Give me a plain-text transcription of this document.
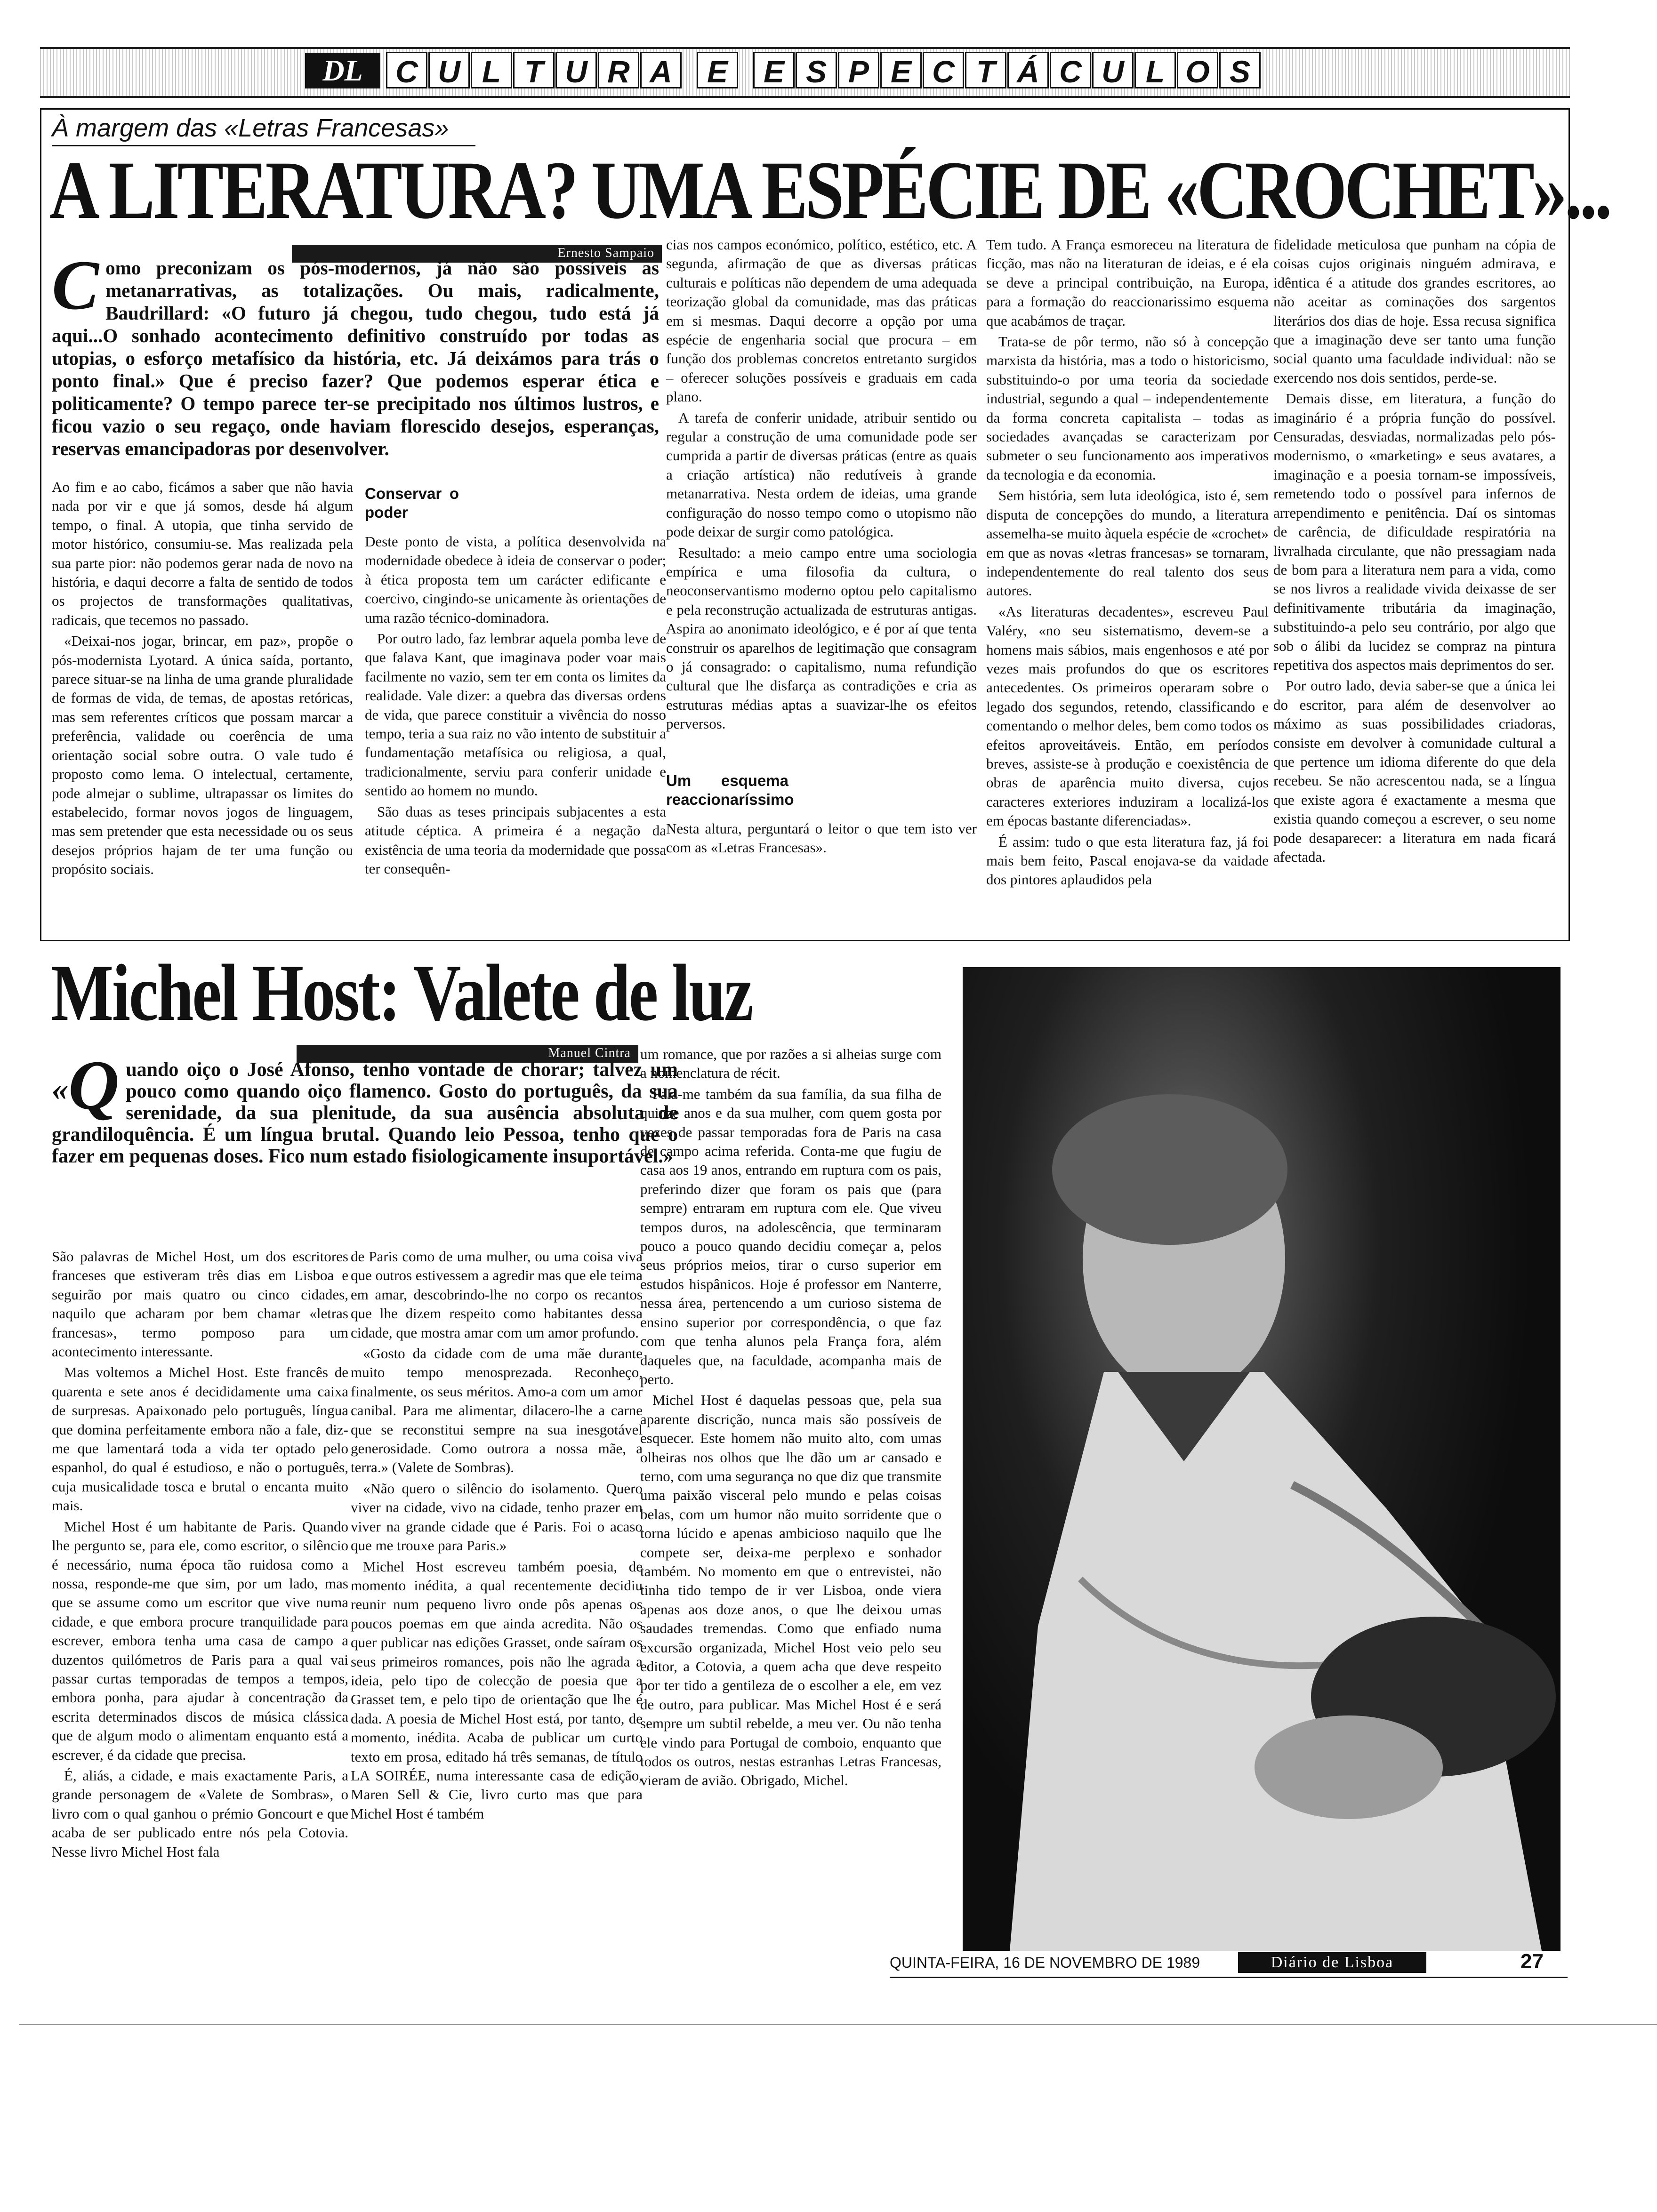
DL	C U L T U R A	E	E S P E C T Á C U L O S
À margem das «Letras Francesas»
A LITERATURA? UMA ESPÉCIE DE «CROCHET»...
Ernesto Sampaio
C omo preconizam os pós-modernos, já não são possíveis as metanarrativas, as totalizações. Ou mais, radicalmente, Baudrillard: «O futuro já chegou, tudo chegou, tudo está já aqui...O sonhado acontecimento definitivo construído por todas as utopias, o esforço metafísico da história, etc. Já deixámos para trás o ponto final.» Que é preciso fazer? Que podemos esperar ética e politicamente? O tempo parece ter-se precipitado nos últimos lustros, e ficou vazio o seu regaço, onde haviam florescido desejos, esperanças, reservas emancipadoras por desenvolver.

Ao fim e ao cabo, ficámos a saber que não havia nada por vir e que já somos, desde há algum tempo, o final. A utopia, que tinha servido de motor histórico, consumiu-se. Mas realizada pela sua parte pior: não podemos gerar nada de novo na história, e daqui decorre a falta de sentido de todos os projectos de transformações qualitativas, radicais, que tecemos no passado.

«Deixai-nos jogar, brincar, em paz», propõe o pós-modernista Lyotard. A única saída, portanto, parece situar-se na linha de uma grande pluralidade de formas de vida, de temas, de apostas retóricas, mas sem referentes críticos que possam marcar a preferência, validade ou coerência de uma orientação social sobre outra. O vale tudo é proposto como lema. O intelectual, certamente, pode almejar o sublime, ultrapassar os limites do estabelecido, formar novos jogos de linguagem, mas sem pretender que esta necessidade ou os seus desejos próprios hajam de ter uma função ou propósito sociais.

Conservar o poder

Deste ponto de vista, a política desenvolvida na modernidade obedece à ideia de conservar o poder; à ética proposta tem um carácter edificante e coercivo, cingindo-se unicamente às orientações de uma razão técnico-dominadora.

Por outro lado, faz lembrar aquela pomba leve de que falava Kant, que imaginava poder voar mais facilmente no vazio, sem ter em conta os limites da realidade. Vale dizer: a quebra das diversas ordens de vida, que parece constituir a vivência do nosso tempo, teria a sua raiz no vão intento de substituir a fundamentação metafísica ou religiosa, a qual, tradicionalmente, serviu para conferir unidade e sentido ao homem no mundo.

São duas as teses principais subjacentes a esta atitude céptica. A primeira é a negação da existência de uma teoria da modernidade que possa ter consequên-

cias nos campos económico, político, estético, etc. A segunda, afirmação de que as diversas práticas culturais e políticas não dependem de uma adequada teorização global da comunidade, mas das práticas em si mesmas. Daqui decorre a opção por uma espécie de engenharia social que procura – em função dos problemas concretos entretanto surgidos – oferecer soluções possíveis e graduais em cada plano.

A tarefa de conferir unidade, atribuir sentido ou regular a construção de uma comunidade pode ser cumprida a partir de diversas práticas (entre as quais a criação artística) não redutíveis à grande metanarrativa. Nesta ordem de ideias, uma grande configuração do nosso tempo como o utopismo não pode deixar de surgir como patológica.

Resultado: a meio campo entre uma sociologia empírica e uma filosofia da cultura, o neoconservantismo moderno optou pelo capitalismo e pela reconstrução actualizada de estruturas antigas. Aspira ao anonimato ideológico, e é por aí que tenta construir os aparelhos de legitimação que consagram o já consagrado: o capitalismo, numa refundição cultural que lhe disfarça as contradições e cria as estruturas médias aptas a suavizar-lhe os efeitos perversos.

Um esquema reaccionaríssimo

Nesta altura, perguntará o leitor o que tem isto ver com as «Letras Francesas».

Tem tudo. A França esmoreceu na literatura de ficção, mas não na literaturan de ideias, e é ela se deve a principal contribuição, na Europa, para a formação do reaccionarissimo esquema que acabámos de traçar.

Trata-se de pôr termo, não só à concepção marxista da história, mas a todo o historicismo, substituindo-o por uma teoria da sociedade industrial, segundo a qual – independentemente da forma concreta capitalista – todas as sociedades avançadas se caracterizam por submeter o seu funcionamento aos imperativos da tecnologia e da economia.

Sem história, sem luta ideológica, isto é, sem disputa de concepções do mundo, a literatura assemelha-se muito àquela espécie de «crochet» em que as novas «letras francesas» se tornaram, independentemente do real talento dos seus autores.

«As literaturas decadentes», escreveu Paul Valéry, «no seu sistematismo, devem-se a homens mais sábios, mais engenhosos e até por vezes mais profundos do que os escritores antecedentes. Os primeiros operaram sobre o legado dos segundos, retendo, classificando e comentando o melhor deles, bem como todos os efeitos aproveitáveis. Então, em períodos breves, assiste-se à produção e coexistência de obras de aparência muito diversa, cujos caracteres exteriores induziram a localizá-los em épocas bastante diferenciadas».

É assim: tudo o que esta literatura faz, já foi mais bem feito, Pascal enojava-se da vaidade dos pintores aplaudidos pela

fidelidade meticulosa que punham na cópia de coisas cujos originais ninguém admirava, e idêntica é a atitude dos grandes escritores, ao não aceitar as cominações dos sargentos literários dos dias de hoje. Essa recusa significa que a imaginação deve ser tanto uma função social quanto uma faculdade individual: não se exercendo nos dois sentidos, perde-se.

Demais disse, em literatura, a função do imaginário é a própria função do possível. Censuradas, desviadas, normalizadas pelo pós-modernismo, o «marketing» e seus avatares, a imaginação e a poesia tornam-se impossíveis, remetendo todo o possível para infernos de arrependimento e penitência. Daí os sintomas de carência, de dificuldade respiratória na livralhada circulante, que não pressagiam nada de bom para a literatura nem para a vida, como se nos livros a realidade vivida deixasse de ser definitivamente tributária da imaginação, substituindo-a pelo seu contrário, por algo que sob o álibi da lucidez se compraz na pintura repetitiva dos aspectos mais deprimentos do ser.

Por outro lado, devia saber-se que a única lei do escritor, para além de desenvolver ao máximo as suas possibilidades criadoras, consiste em devolver à comunidade cultural a que pertence um idioma diferente do que dela recebeu. Se não acrescentou nada, se a língua que existe agora é exactamente a mesma que existia quando começou a escrever, o seu nome pode desaparecer: a literatura em nada ficará afectada.

Michel Host: Valete de luz
Manuel Cintra
« Q uando oiço o José Afonso, tenho vontade de chorar; talvez um pouco como quando oiço flamenco. Gosto do português, da sua serenidade, da sua plenitude, da sua ausência absoluta de grandiloquência. É um língua brutal. Quando leio Pessoa, tenho que o fazer em pequenas doses. Fico num estado fisiologicamente insuportável.»

São palavras de Michel Host, um dos escritores franceses que estiveram três dias em Lisboa e seguirão por mais quatro ou cinco cidades, naquilo que acharam por bem chamar «letras francesas», termo pomposo para um acontecimento interessante.

Mas voltemos a Michel Host. Este francês de quarenta e sete anos é decididamente uma caixa de surpresas. Apaixonado pelo português, língua que domina perfeitamente embora não a fale, diz-me que lamentará toda a vida ter optado pelo espanhol, do qual é estudioso, e não o português, cuja musicalidade tosca e brutal o encanta muito mais.

Michel Host é um habitante de Paris. Quando lhe pergunto se, para ele, como escritor, o silêncio é necessário, numa época tão ruidosa como a nossa, responde-me que sim, por um lado, mas que se assume como um escritor que vive numa cidade, e que embora procure tranquilidade para escrever, embora tenha uma casa de campo a duzentos quilómetros de Paris para a qual vai passar curtas temporadas de tempos a tempos, embora ponha, para ajudar à concentração da escrita determinados discos de música clássica que de algum modo o alimentam enquanto está a escrever, é da cidade que precisa.

É, aliás, a cidade, e mais exactamente Paris, a grande personagem de «Valete de Sombras», o livro com o qual ganhou o prémio Goncourt e que acaba de ser publicado entre nós pela Cotovia. Nesse livro Michel Host fala

de Paris como de uma mulher, ou uma coisa viva que outros estivessem a agredir mas que ele teima em amar, descobrindo-lhe no corpo os recantos que lhe dizem respeito como habitantes dessa cidade, que mostra amar com um amor profundo.

«Gosto da cidade com de uma mãe durante muito tempo menosprezada. Reconheço, finalmente, os seus méritos. Amo-a com um amor canibal. Para me alimentar, dilacero-lhe a carne que se reconstitui sempre na sua inesgotável generosidade. Como outrora a nossa mãe, a terra.» (Valete de Sombras).

«Não quero o silêncio do isolamento. Quero viver na cidade, vivo na cidade, tenho prazer em viver na grande cidade que é Paris. Foi o acaso que me trouxe para Paris.»

Michel Host escreveu também poesia, de momento inédita, a qual recentemente decidiu reunir num pequeno livro onde pôs apenas os poucos poemas em que ainda acredita. Não os quer publicar nas edições Grasset, onde saíram os seus primeiros romances, pois não lhe agrada a ideia, pelo tipo de colecção de poesia que a Grasset tem, e pelo tipo de orientação que lhe é dada. A poesia de Michel Host está, por tanto, de momento, inédita. Acaba de publicar um curto texto em prosa, editado há três semanas, de título LA SOIRÉE, numa interessante casa de edição, Maren Sell & Cie, livro curto mas que para Michel Host é também

um romance, que por razões a si alheias surge com a nomenclatura de récit.

Fala-me também da sua família, da sua filha de quinze anos e da sua mulher, com quem gosta por vezes de passar temporadas fora de Paris na casa de campo acima referida. Conta-me que fugiu de casa aos 19 anos, entrando em ruptura com os pais, preferindo dizer que foram os pais que (para sempre) entraram em ruptura com ele. Que viveu tempos duros, na adolescência, que terminaram pouco a pouco quando decidiu começar a, pelos seus próprios meios, tirar o curso superior em estudos hispânicos. Hoje é professor em Nanterre, nessa área, pertencendo a um curioso sistema de ensino superior por correspondência, o que faz com que tenha alunos pela França fora, além daqueles que, na faculdade, acompanha mais de perto.

Michel Host é daquelas pessoas que, pela sua aparente discrição, nunca mais são possíveis de esquecer. Este homem não muito alto, com umas olheiras nos olhos que lhe dão um ar cansado e terno, com uma segurança no que diz que transmite uma paixão visceral pelo mundo e pelas coisas belas, com um humor não muito sorridente que o torna lúcido e apenas ambicioso naquilo que lhe compete ser, deixa-me perplexo e sonhador também. No momento em que o entrevistei, não tinha tido tempo de ir ver Lisboa, onde viera apenas aos doze anos, o que lhe deixou umas saudades tremendas. Como que enfiado numa excursão organizada, Michel Host veio pelo seu editor, a Cotovia, a quem acha que deve respeito por ter tido a gentileza de o escolher a ele, em vez de outro, para publicar. Mas Michel Host é e será sempre um subtil rebelde, a meu ver. Ou não tenha ele vindo para Portugal de comboio, enquanto que todos os outros, nestas estranhas Letras Francesas, vieram de avião. Obrigado, Michel.

QUINTA-FEIRA, 16 DE NOVEMBRO DE 1989	Diário de Lisboa	27
